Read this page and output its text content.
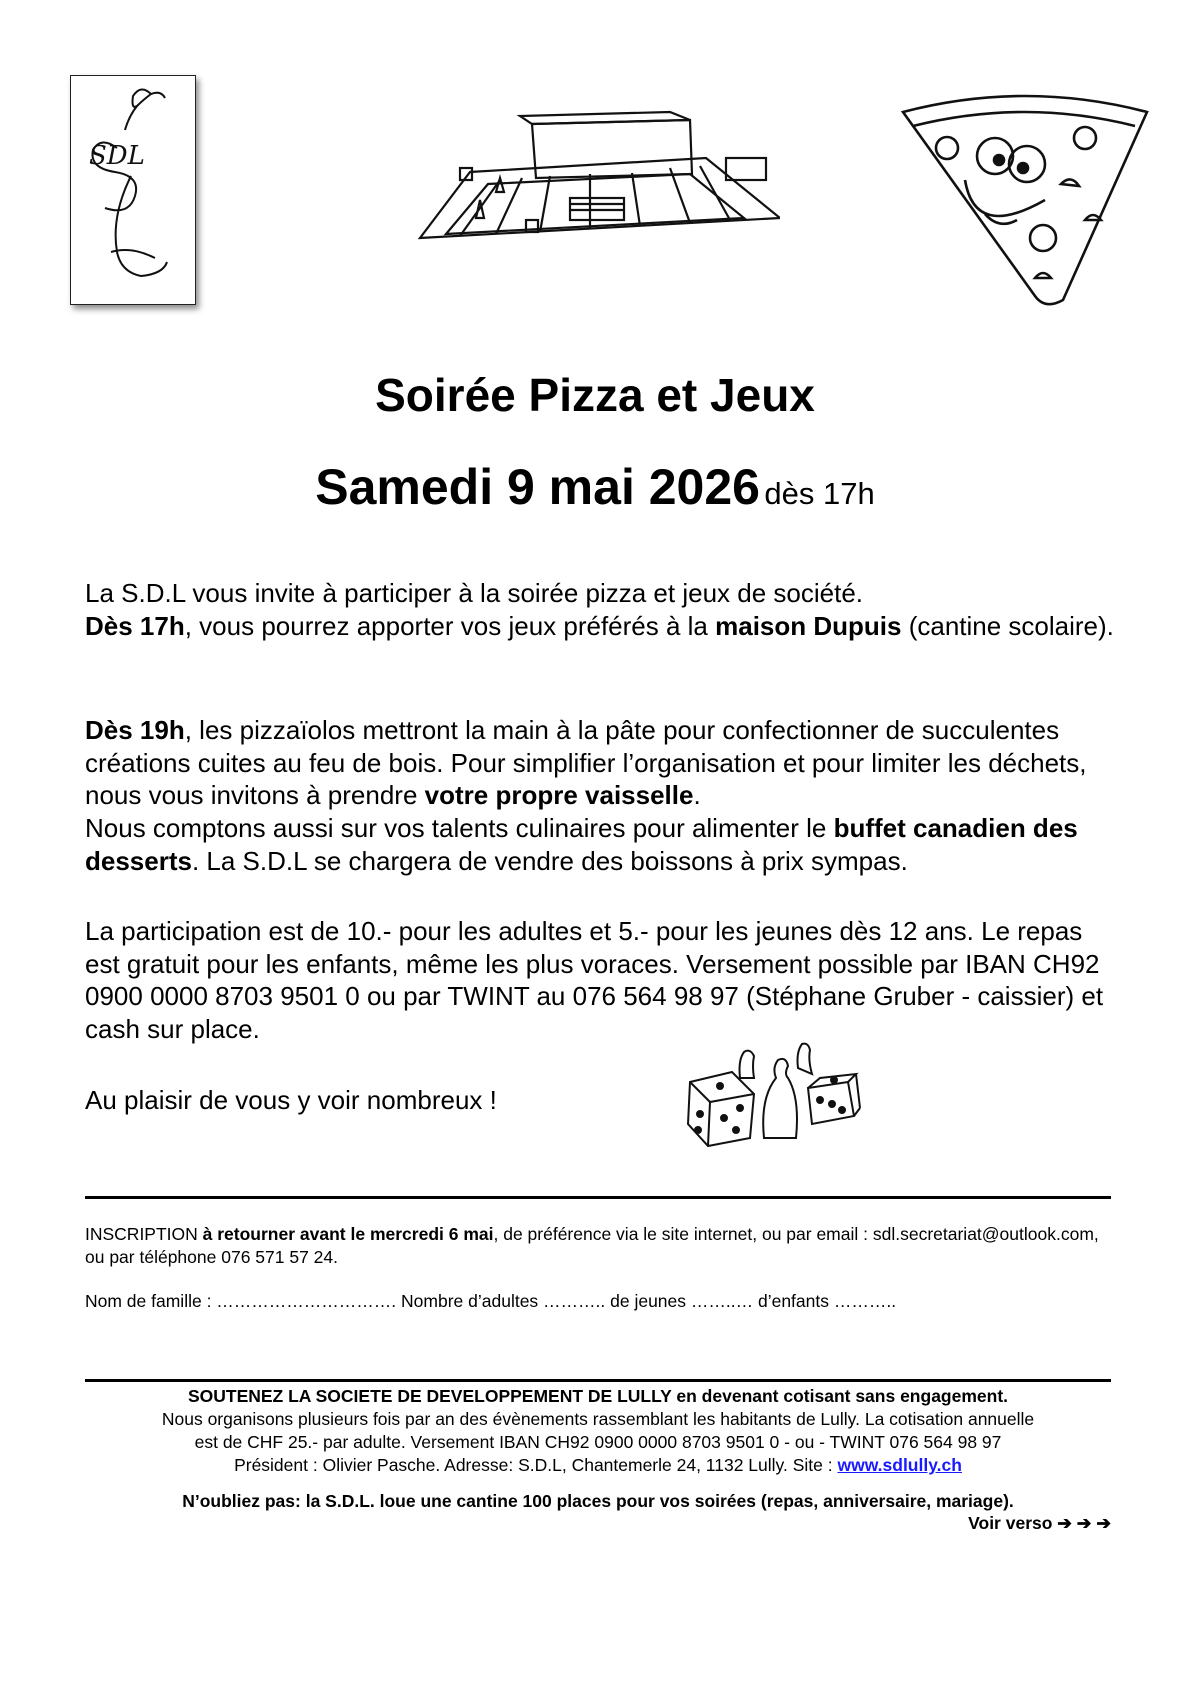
SDL
Soirée Pizza et Jeux
Samedi 9 mai 2026 dès 17h
La S.D.L vous invite à participer à la soirée pizza et jeux de société.
Dès 17h, vous pourrez apporter vos jeux préférés à la maison Dupuis (cantine scolaire).
Dès 19h, les pizzaïolos mettront la main à la pâte pour confectionner de succulentes créations cuites au feu de bois. Pour simplifier l’organisation et pour limiter les déchets, nous vous invitons à prendre votre propre vaisselle.
Nous comptons aussi sur vos talents culinaires pour alimenter le buffet canadien des desserts. La S.D.L se chargera de vendre des boissons à prix sympas.
La participation est de 10.- pour les adultes et 5.- pour les jeunes dès 12 ans. Le repas est gratuit pour les enfants, même les plus voraces. Versement possible par IBAN CH92 0900 0000 8703 9501 0 ou par TWINT au 076 564 98 97 (Stéphane Gruber - caissier) et cash sur place.
Au plaisir de vous y voir nombreux !
INSCRIPTION à retourner avant le mercredi 6 mai, de préférence via le site internet, ou par email : sdl.secretariat@outlook.com, ou par téléphone 076 571 57 24.
Nom de famille : …………………………. Nombre d’adultes ……….. de jeunes ……..… d’enfants ………..
SOUTENEZ LA SOCIETE DE DEVELOPPEMENT DE LULLY en devenant cotisant sans engagement.
Nous organisons plusieurs fois par an des évènements rassemblant les habitants de Lully. La cotisation annuelle
est de CHF 25.- par adulte. Versement IBAN CH92 0900 0000 8703 9501 0 - ou - TWINT 076 564 98 97
Président : Olivier Pasche. Adresse: S.D.L, Chantemerle 24, 1132 Lully. Site : www.sdlully.ch
N’oubliez pas: la S.D.L. loue une cantine 100 places pour vos soirées (repas, anniversaire, mariage).
Voir verso ➔ ➔ ➔
